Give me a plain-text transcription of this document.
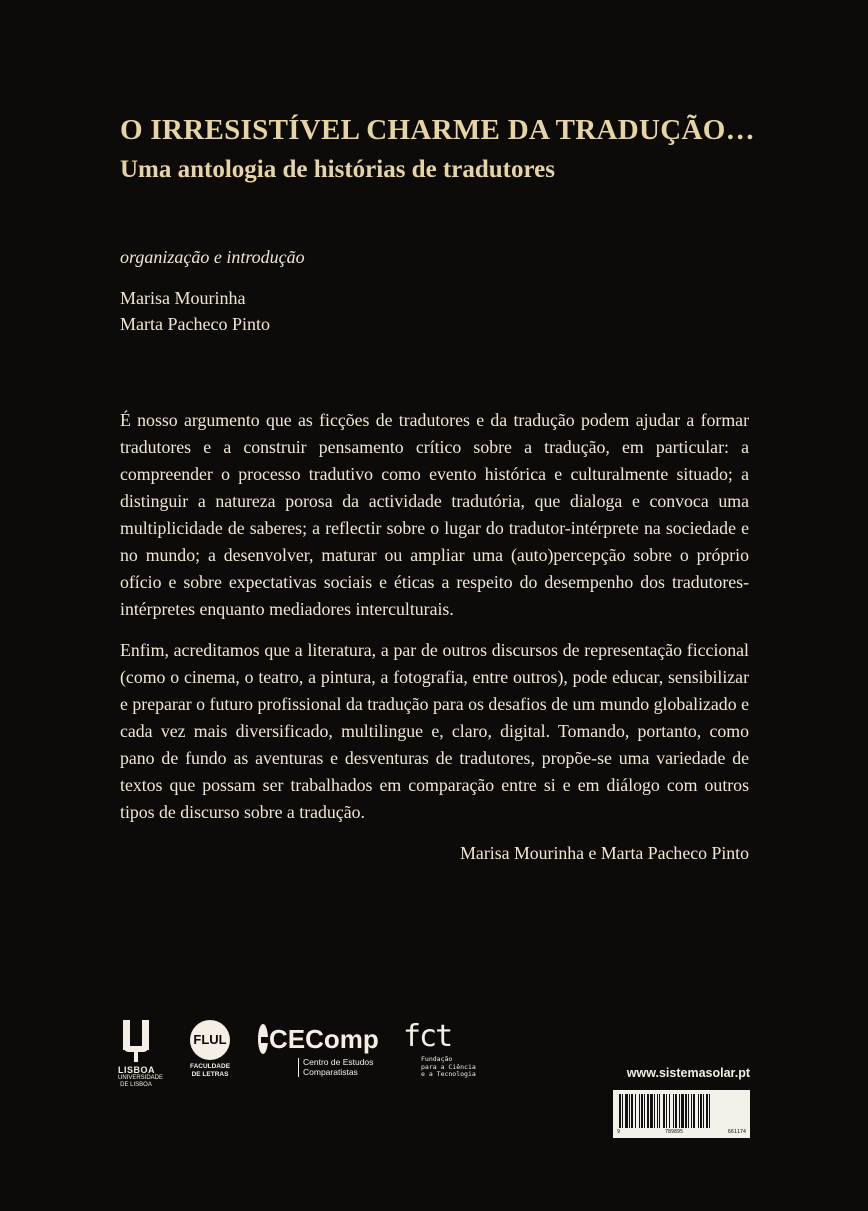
O IRRESISTÍVEL CHARME DA TRADUÇÃO…
Uma antologia de histórias de tradutores
organização e introdução
Marisa Mourinha
Marta Pacheco Pinto

É nosso argumento que as ficções de tradutores e da tradução podem ajudar a formar tradutores e a construir pensamento crítico sobre a tradução, em particular: a compreender o processo tradutivo como evento histórica e culturalmente situado; a distinguir a natureza porosa da actividade tradutória, que dialoga e convoca uma multiplicidade de saberes; a reflectir sobre o lugar do tradutor-intérprete na sociedade e no mundo; a desenvolver, maturar ou ampliar uma (auto)percepção sobre o próprio ofício e sobre expectativas sociais e éticas a respeito do desempenho dos tradutores-intérpretes enquanto mediadores interculturais.

Enfim, acreditamos que a literatura, a par de outros discursos de representação ficcional (como o cinema, o teatro, a pintura, a fotografia, entre outros), pode educar, sensibilizar e preparar o futuro profissional da tradução para os desafios de um mundo globalizado e cada vez mais diversificado, multilingue e, claro, digital. Tomando, portanto, como pano de fundo as aventuras e desventuras de tradutores, propõe-se uma variedade de textos que possam ser trabalhados em comparação entre si e em diálogo com outros tipos de discurso sobre a tradução.

Marisa Mourinha e Marta Pacheco Pinto
LISBOA
UNIVERSIDADE DE LISBOA
FLUL
FACULDADE
DE LETRAS
CEComp
Centro de Estudos
Comparatistas
fct
Fundação
para a Ciência
e a Tecnologia	www.sistemasolar.pt
9	789895	661174
